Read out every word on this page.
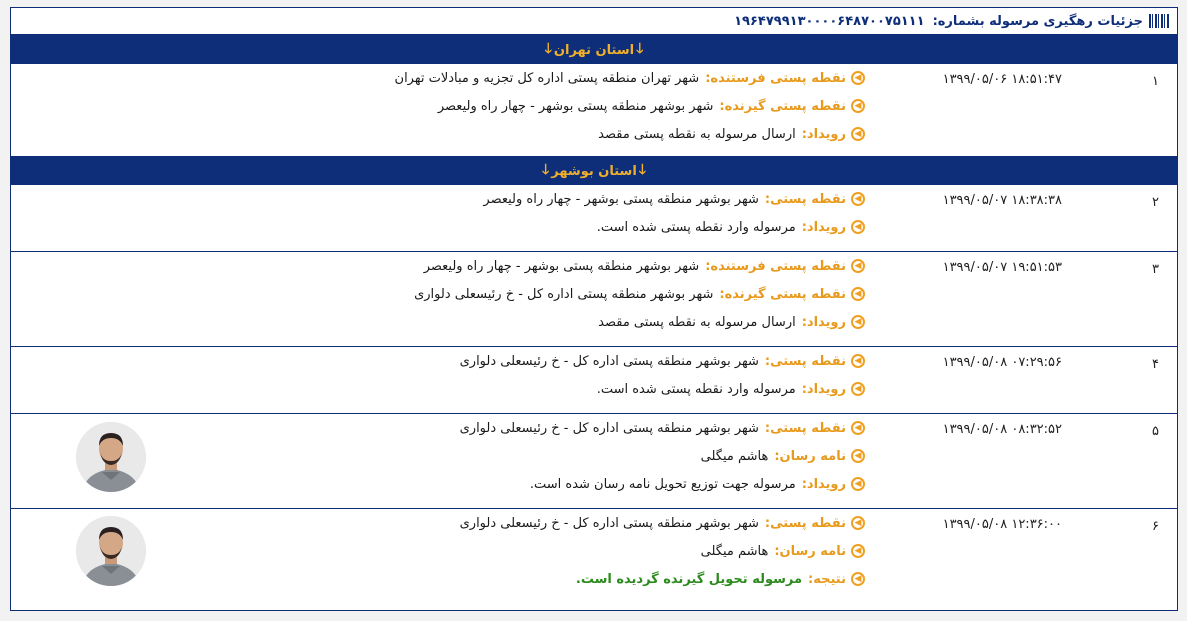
جزئیات رهگیری مرسوله بشماره:
۱۹۶۴۷۹۹۱۳۰۰۰۰۶۴۸۷۰۰۷۵۱۱۱
🡓
استان تهران
🡓
۱
۱۳۹۹/۰۵/۰۶ ۱۸:۵۱:۴۷
◀
نقطه پستی فرستنده:
شهر تهران منطقه پستی اداره کل تجزیه و مبادلات تهران
◀
نقطه پستی گیرنده:
شهر بوشهر منطقه پستی بوشهر - چهار راه ولیعصر
◀
رویداد:
ارسال مرسوله به نقطه پستی مقصد
🡓
استان بوشهر
🡓
۲
۱۳۹۹/۰۵/۰۷ ۱۸:۳۸:۳۸
◀
نقطه پستی:
شهر بوشهر منطقه پستی بوشهر - چهار راه ولیعصر
◀
رویداد:
مرسوله وارد نقطه پستی شده است.
۳
۱۳۹۹/۰۵/۰۷ ۱۹:۵۱:۵۳
◀
نقطه پستی فرستنده:
شهر بوشهر منطقه پستی بوشهر - چهار راه ولیعصر
◀
نقطه پستی گیرنده:
شهر بوشهر منطقه پستی اداره کل - خ رئیسعلی دلواری
◀
رویداد:
ارسال مرسوله به نقطه پستی مقصد
۴
۱۳۹۹/۰۵/۰۸ ۰۷:۲۹:۵۶
◀
نقطه پستی:
شهر بوشهر منطقه پستی اداره کل - خ رئیسعلی دلواری
◀
رویداد:
مرسوله وارد نقطه پستی شده است.
۵
۱۳۹۹/۰۵/۰۸ ۰۸:۳۲:۵۲
◀
نقطه پستی:
شهر بوشهر منطقه پستی اداره کل - خ رئیسعلی دلواری
◀
نامه رسان:
هاشم میگلی
◀
رویداد:
مرسوله جهت توزیع تحویل نامه رسان شده است.
۶
۱۳۹۹/۰۵/۰۸ ۱۲:۳۶:۰۰
◀
نقطه پستی:
شهر بوشهر منطقه پستی اداره کل - خ رئیسعلی دلواری
◀
نامه رسان:
هاشم میگلی
◀
نتیجه:
مرسوله تحویل گیرنده گردیده است.
